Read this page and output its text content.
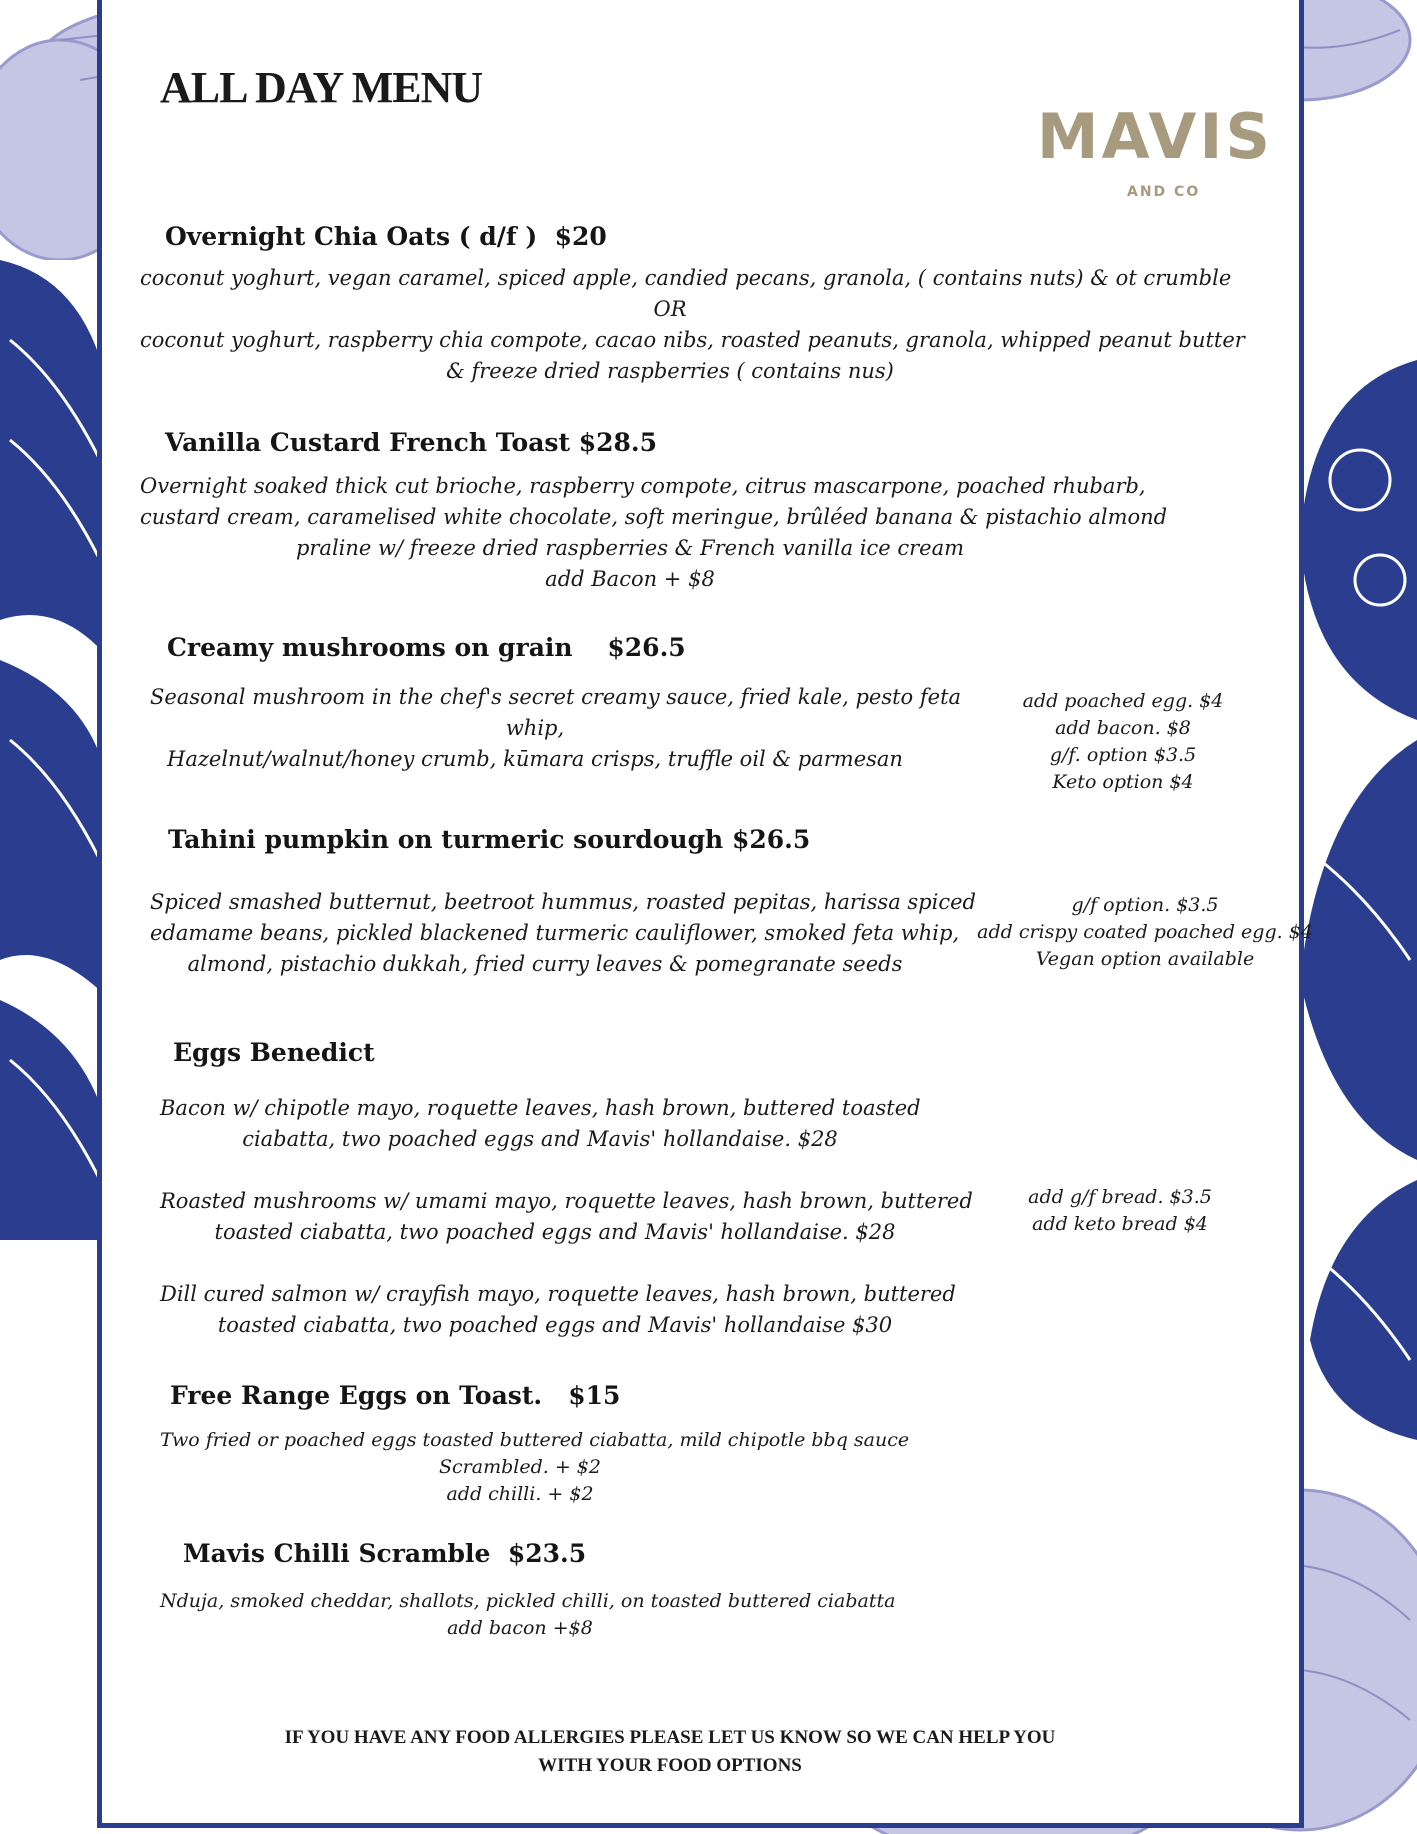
ALL DAY MENU
MAVIS
AND CO
Overnight Chia Oats ( d/f )  $20
coconut yoghurt, vegan caramel, spiced apple, candied pecans, granola, ( contains nuts) & ot crumble
OR
coconut yoghurt, raspberry chia compote, cacao nibs, roasted peanuts, granola, whipped peanut butter
& freeze dried raspberries ( contains nus)
Vanilla Custard French Toast $28.5
Overnight soaked thick cut brioche, raspberry compote, citrus mascarpone, poached rhubarb,
custard cream, caramelised white chocolate, soft meringue, brûléed banana & pistachio almond
praline w/ freeze dried raspberries & French vanilla ice cream
add Bacon + $8
Creamy mushrooms on grain    $26.5
Seasonal mushroom in the chef's secret creamy sauce, fried kale, pesto feta
whip,
Hazelnut/walnut/honey crumb, kūmara crisps, truffle oil & parmesan
add poached egg. $4
add bacon. $8
g/f. option $3.5
Keto option $4
Tahini pumpkin on turmeric sourdough $26.5
Spiced smashed butternut, beetroot hummus, roasted pepitas, harissa spiced
edamame beans, pickled blackened turmeric cauliflower, smoked feta whip,
almond, pistachio dukkah, fried curry leaves & pomegranate seeds
g/f option. $3.5
add crispy coated poached egg. $4
Vegan option available
Eggs Benedict
Bacon w/ chipotle mayo, roquette leaves, hash brown, buttered toasted
ciabatta, two poached eggs and Mavis' hollandaise. $28
Roasted mushrooms w/ umami mayo, roquette leaves, hash brown, buttered
toasted ciabatta, two poached eggs and Mavis' hollandaise. $28
Dill cured salmon w/ crayfish mayo, roquette leaves, hash brown, buttered
toasted ciabatta, two poached eggs and Mavis' hollandaise $30
add g/f bread. $3.5
add keto bread $4
Free Range Eggs on Toast.   $15
Two fried or poached eggs toasted buttered ciabatta, mild chipotle bbq sauce
Scrambled. + $2
add chilli. + $2
Mavis Chilli Scramble  $23.5
Nduja, smoked cheddar, shallots, pickled chilli, on toasted buttered ciabatta
add bacon +$8
IF YOU HAVE ANY FOOD ALLERGIES PLEASE LET US KNOW SO WE CAN HELP YOU
WITH YOUR FOOD OPTIONS
